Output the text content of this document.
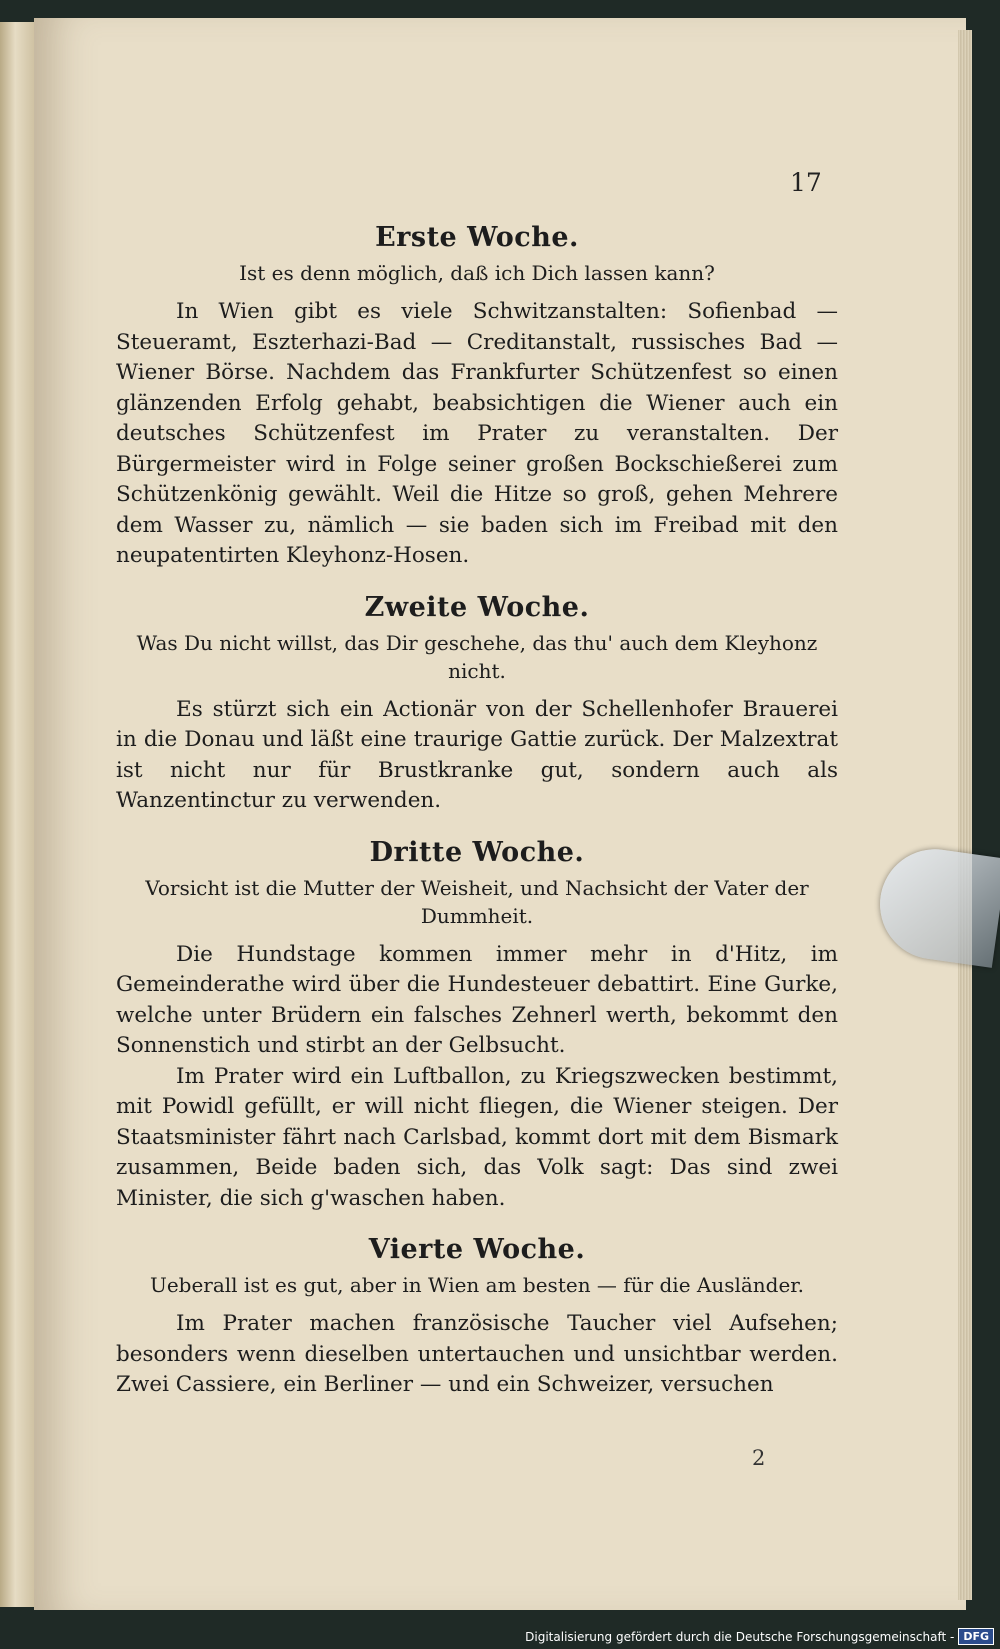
17
Erste Woche.
Ist es denn möglich, daß ich Dich lassen kann?

In Wien gibt es viele Schwitzanstalten: Sofienbad — Steueramt, Eszterhazi-Bad — Creditanstalt, russisches Bad — Wiener Börse. Nachdem das Frankfurter Schützenfest so einen glänzenden Erfolg gehabt, beabsichtigen die Wiener auch ein deutsches Schützenfest im Prater zu veranstalten. Der Bürgermeister wird in Folge seiner großen Bockschießerei zum Schützenkönig gewählt. Weil die Hitze so groß, gehen Mehrere dem Wasser zu, nämlich — sie baden sich im Freibad mit den neupatentirten Kleyhonz-Hosen.

Zweite Woche.
Was Du nicht willst, das Dir geschehe, das thu' auch dem Kleyhonz nicht.

Es stürzt sich ein Actionär von der Schellenhofer Brauerei in die Donau und läßt eine traurige Gattie zurück. Der Malzextrat ist nicht nur für Brustkranke gut, sondern auch als Wanzentinctur zu verwenden.

Dritte Woche.
Vorsicht ist die Mutter der Weisheit, und Nachsicht der Vater der Dummheit.

Die Hundstage kommen immer mehr in d'Hitz, im Gemeinderathe wird über die Hundesteuer debattirt. Eine Gurke, welche unter Brüdern ein falsches Zehnerl werth, bekommt den Sonnenstich und stirbt an der Gelbsucht.

Im Prater wird ein Luftballon, zu Kriegszwecken bestimmt, mit Powidl gefüllt, er will nicht fliegen, die Wiener steigen. Der Staatsminister fährt nach Carlsbad, kommt dort mit dem Bismark zusammen, Beide baden sich, das Volk sagt: Das sind zwei Minister, die sich g'waschen haben.

Vierte Woche.
Ueberall ist es gut, aber in Wien am besten — für die Ausländer.

Im Prater machen französische Taucher viel Aufsehen; besonders wenn dieselben untertauchen und unsichtbar werden. Zwei Cassiere, ein Berliner — und ein Schweizer, versuchen

2
Digitalisierung gefördert durch die Deutsche Forschungsgemeinschaft - DFG
